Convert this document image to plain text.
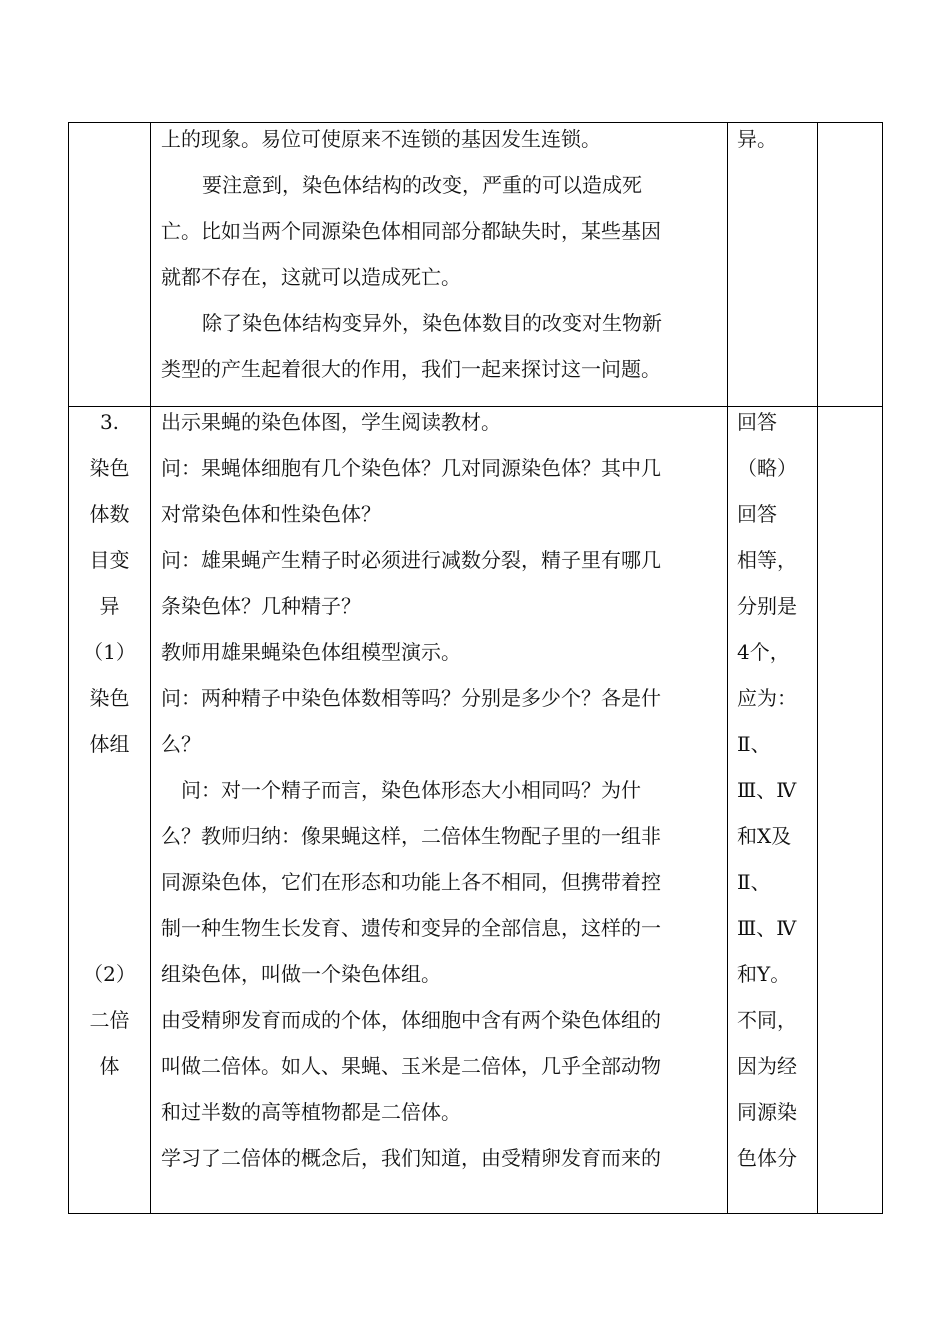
上的现象。易位可使原来不连锁的基因发生连锁。

要注意到，染色体结构的改变，严重的可以造成死

亡。比如当两个同源染色体相同部分都缺失时，某些基因

就都不存在，这就可以造成死亡。

除了染色体结构变异外，染色体数目的改变对生物新

类型的产生起着很大的作用，我们一起来探讨这一问题。

异。

3.

染色

体数

目变

异

（1）

染色

体组

（2）

二倍

体

出示果蝇的染色体图，学生阅读教材。

问：果蝇体细胞有几个染色体？几对同源染色体？其中几

对常染色体和性染色体？

问：雄果蝇产生精子时必须进行减数分裂，精子里有哪几

条染色体？几种精子？

教师用雄果蝇染色体组模型演示。

问：两种精子中染色体数相等吗？分别是多少个？各是什

么？

问：对一个精子而言，染色体形态大小相同吗？为什

么？教师归纳：像果蝇这样，二倍体生物配子里的一组非

同源染色体，它们在形态和功能上各不相同，但携带着控

制一种生物生长发育、遗传和变异的全部信息，这样的一

组染色体，叫做一个染色体组。

由受精卵发育而成的个体，体细胞中含有两个染色体组的

叫做二倍体。如人、果蝇、玉米是二倍体，几乎全部动物

和过半数的高等植物都是二倍体。

学习了二倍体的概念后，我们知道，由受精卵发育而来的

回答

（略）

回答

相等，

分别是

4个，

应为：

Ⅱ、

Ⅲ、Ⅳ

和X及

Ⅱ、

Ⅲ、Ⅳ

和Y。

不同，

因为经

同源染

色体分
